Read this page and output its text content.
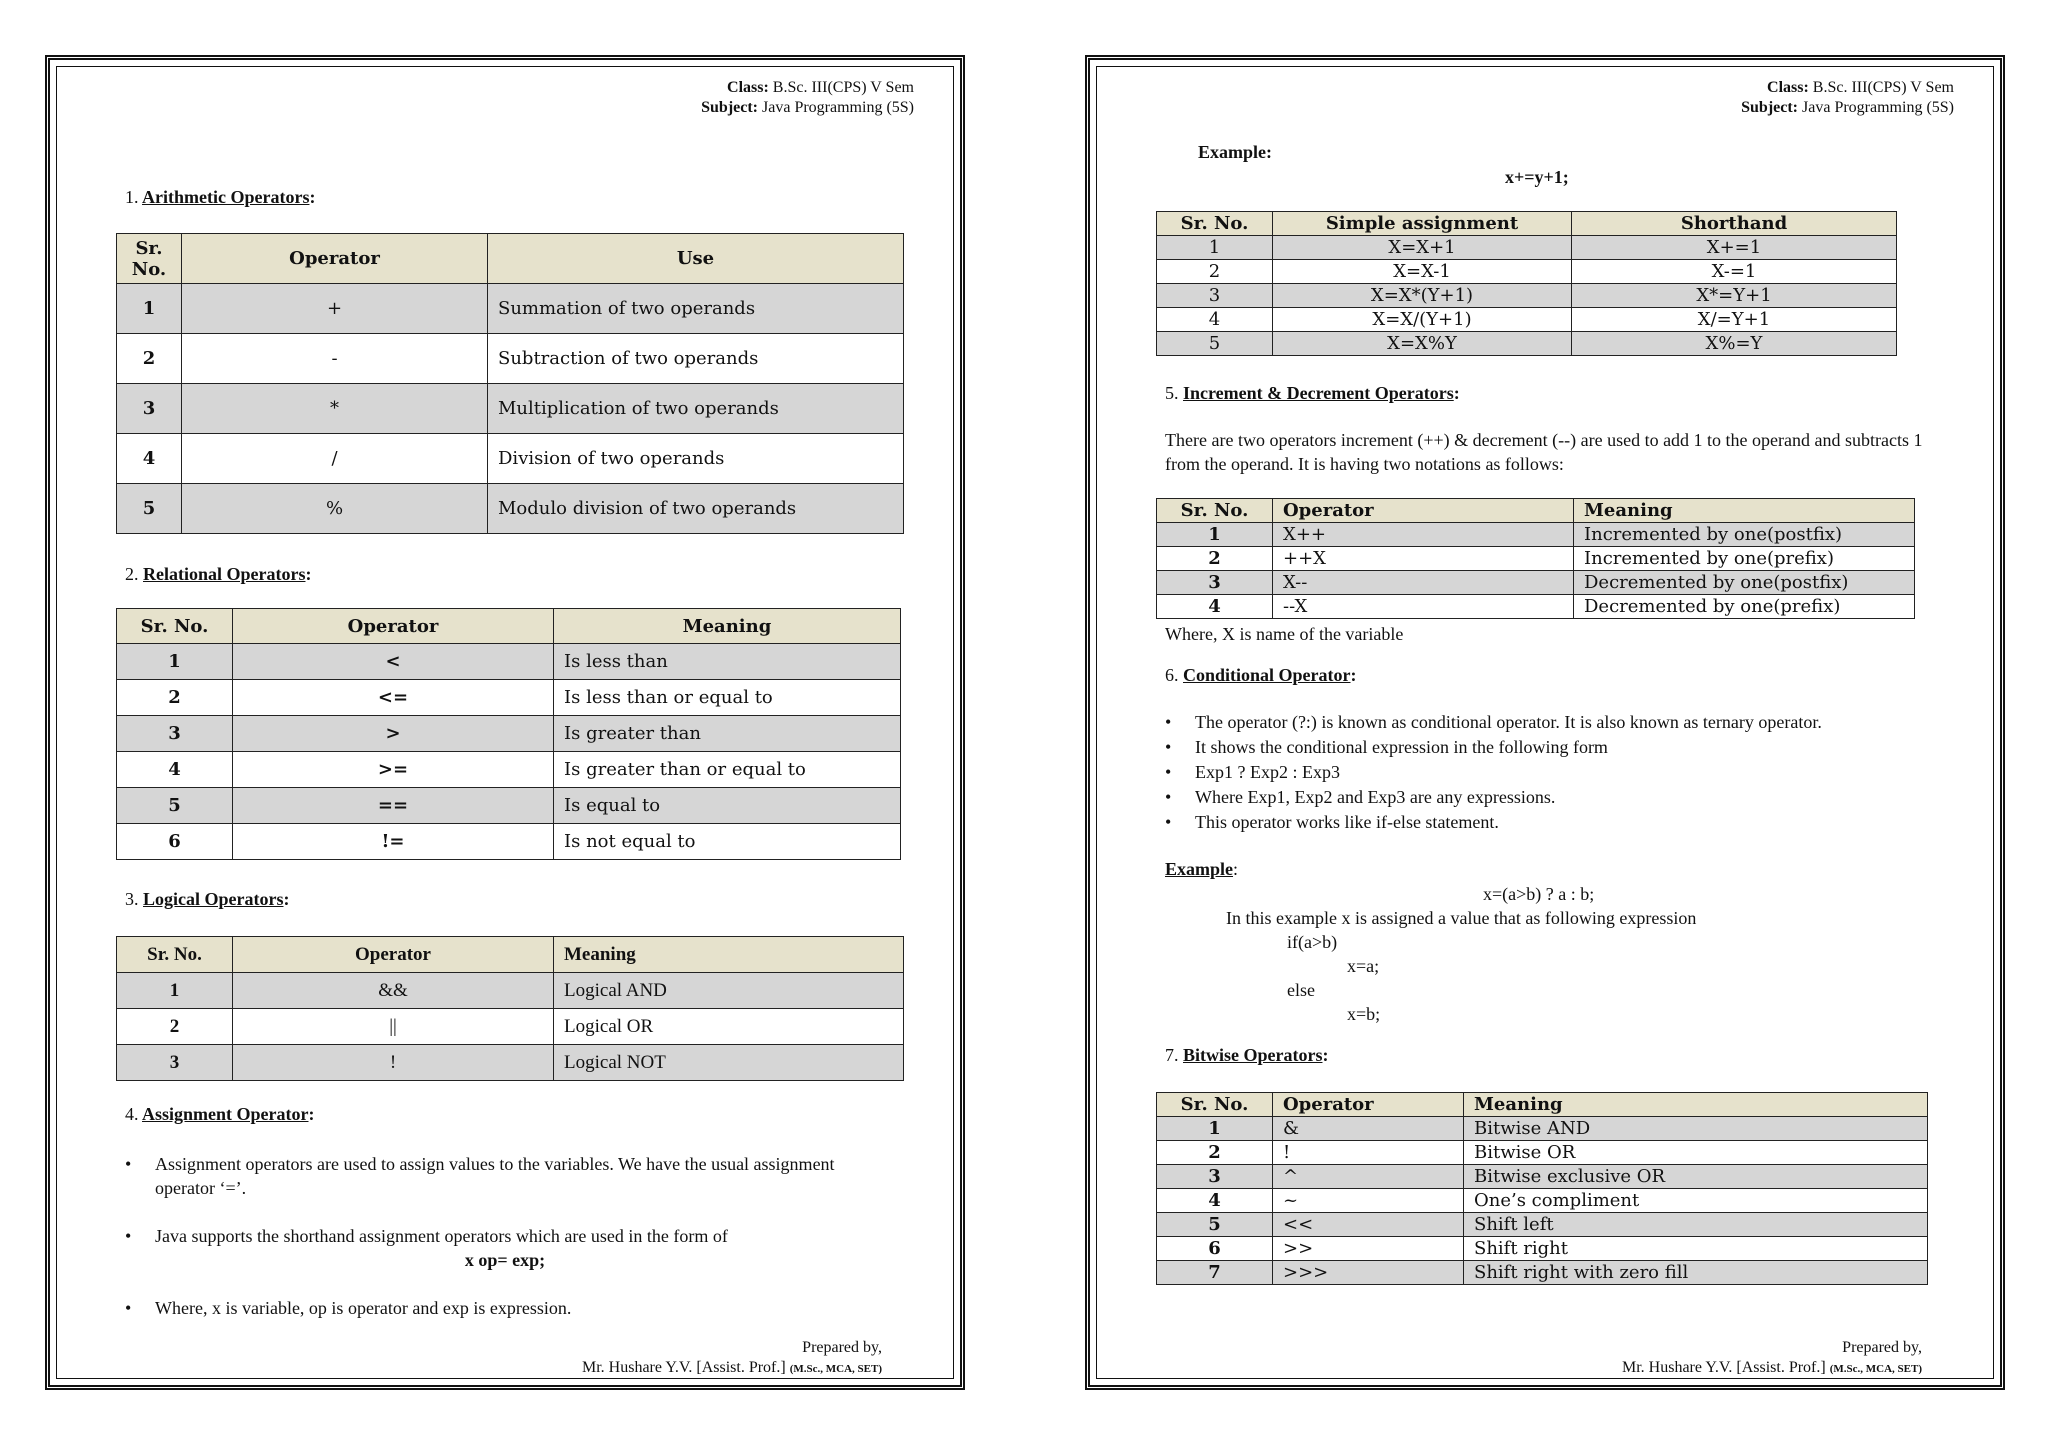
Class: B.Sc. III(CPS) V Sem
Subject: Java Programming (5S)
1. Arithmetic Operators:
Sr. No.	Operator	Use
1	+	Summation of two operands
2	-	Subtraction of two operands
3	*	Multiplication of two operands
4	/	Division of two operands
5	%	Modulo division of two operands
2. Relational Operators:
Sr. No.	Operator	Meaning
1	<	Is less than
2	<=	Is less than or equal to
3	>	Is greater than
4	>=	Is greater than or equal to
5	==	Is equal to
6	!=	Is not equal to
3. Logical Operators:
Sr. No.	Operator	Meaning
1	&&	Logical AND
2	||	Logical OR
3	!	Logical NOT
4. Assignment Operator:
• Assignment operators are used to assign values to the variables. We have the usual assignment operator ‘=’.
• Java supports the shorthand assignment operators which are used in the form of

x op= exp;
• Where, x is variable, op is operator and exp is expression.
Prepared by,
Mr. Hushare Y.V. [Assist. Prof.] (M.Sc., MCA, SET)
Class: B.Sc. III(CPS) V Sem
Subject: Java Programming (5S)
Example:
x+=y+1;
Sr. No.	Simple assignment	Shorthand
1	X=X+1	X+=1
2	X=X-1	X-=1
3	X=X*(Y+1)	X*=Y+1
4	X=X/(Y+1)	X/=Y+1
5	X=X%Y	X%=Y
5. Increment & Decrement Operators:
There are two operators increment (++) & decrement (--) are used to add 1 to the operand and subtracts 1 from the operand. It is having two notations as follows:
Sr. No.	Operator	Meaning
1	X++	Incremented by one(postfix)
2	++X	Incremented by one(prefix)
3	X--	Decremented by one(postfix)
4	--X	Decremented by one(prefix)
Where, X is name of the variable
6. Conditional Operator:
• The operator (?:) is known as conditional operator. It is also known as ternary operator.
• It shows the conditional expression in the following form
• Exp1 ? Exp2 : Exp3
• Where Exp1, Exp2 and Exp3 are any expressions.
• This operator works like if-else statement.
Example:
x=(a>b) ? a : b;
In this example x is assigned a value that as following expression
if(a>b)
x=a;
else
x=b;
7. Bitwise Operators:
Sr. No.	Operator	Meaning
1	&	Bitwise AND
2	!	Bitwise OR
3	^	Bitwise exclusive OR
4	~	One’s compliment
5	<<	Shift left
6	>>	Shift right
7	>>>	Shift right with zero fill
Prepared by,
Mr. Hushare Y.V. [Assist. Prof.] (M.Sc., MCA, SET)
